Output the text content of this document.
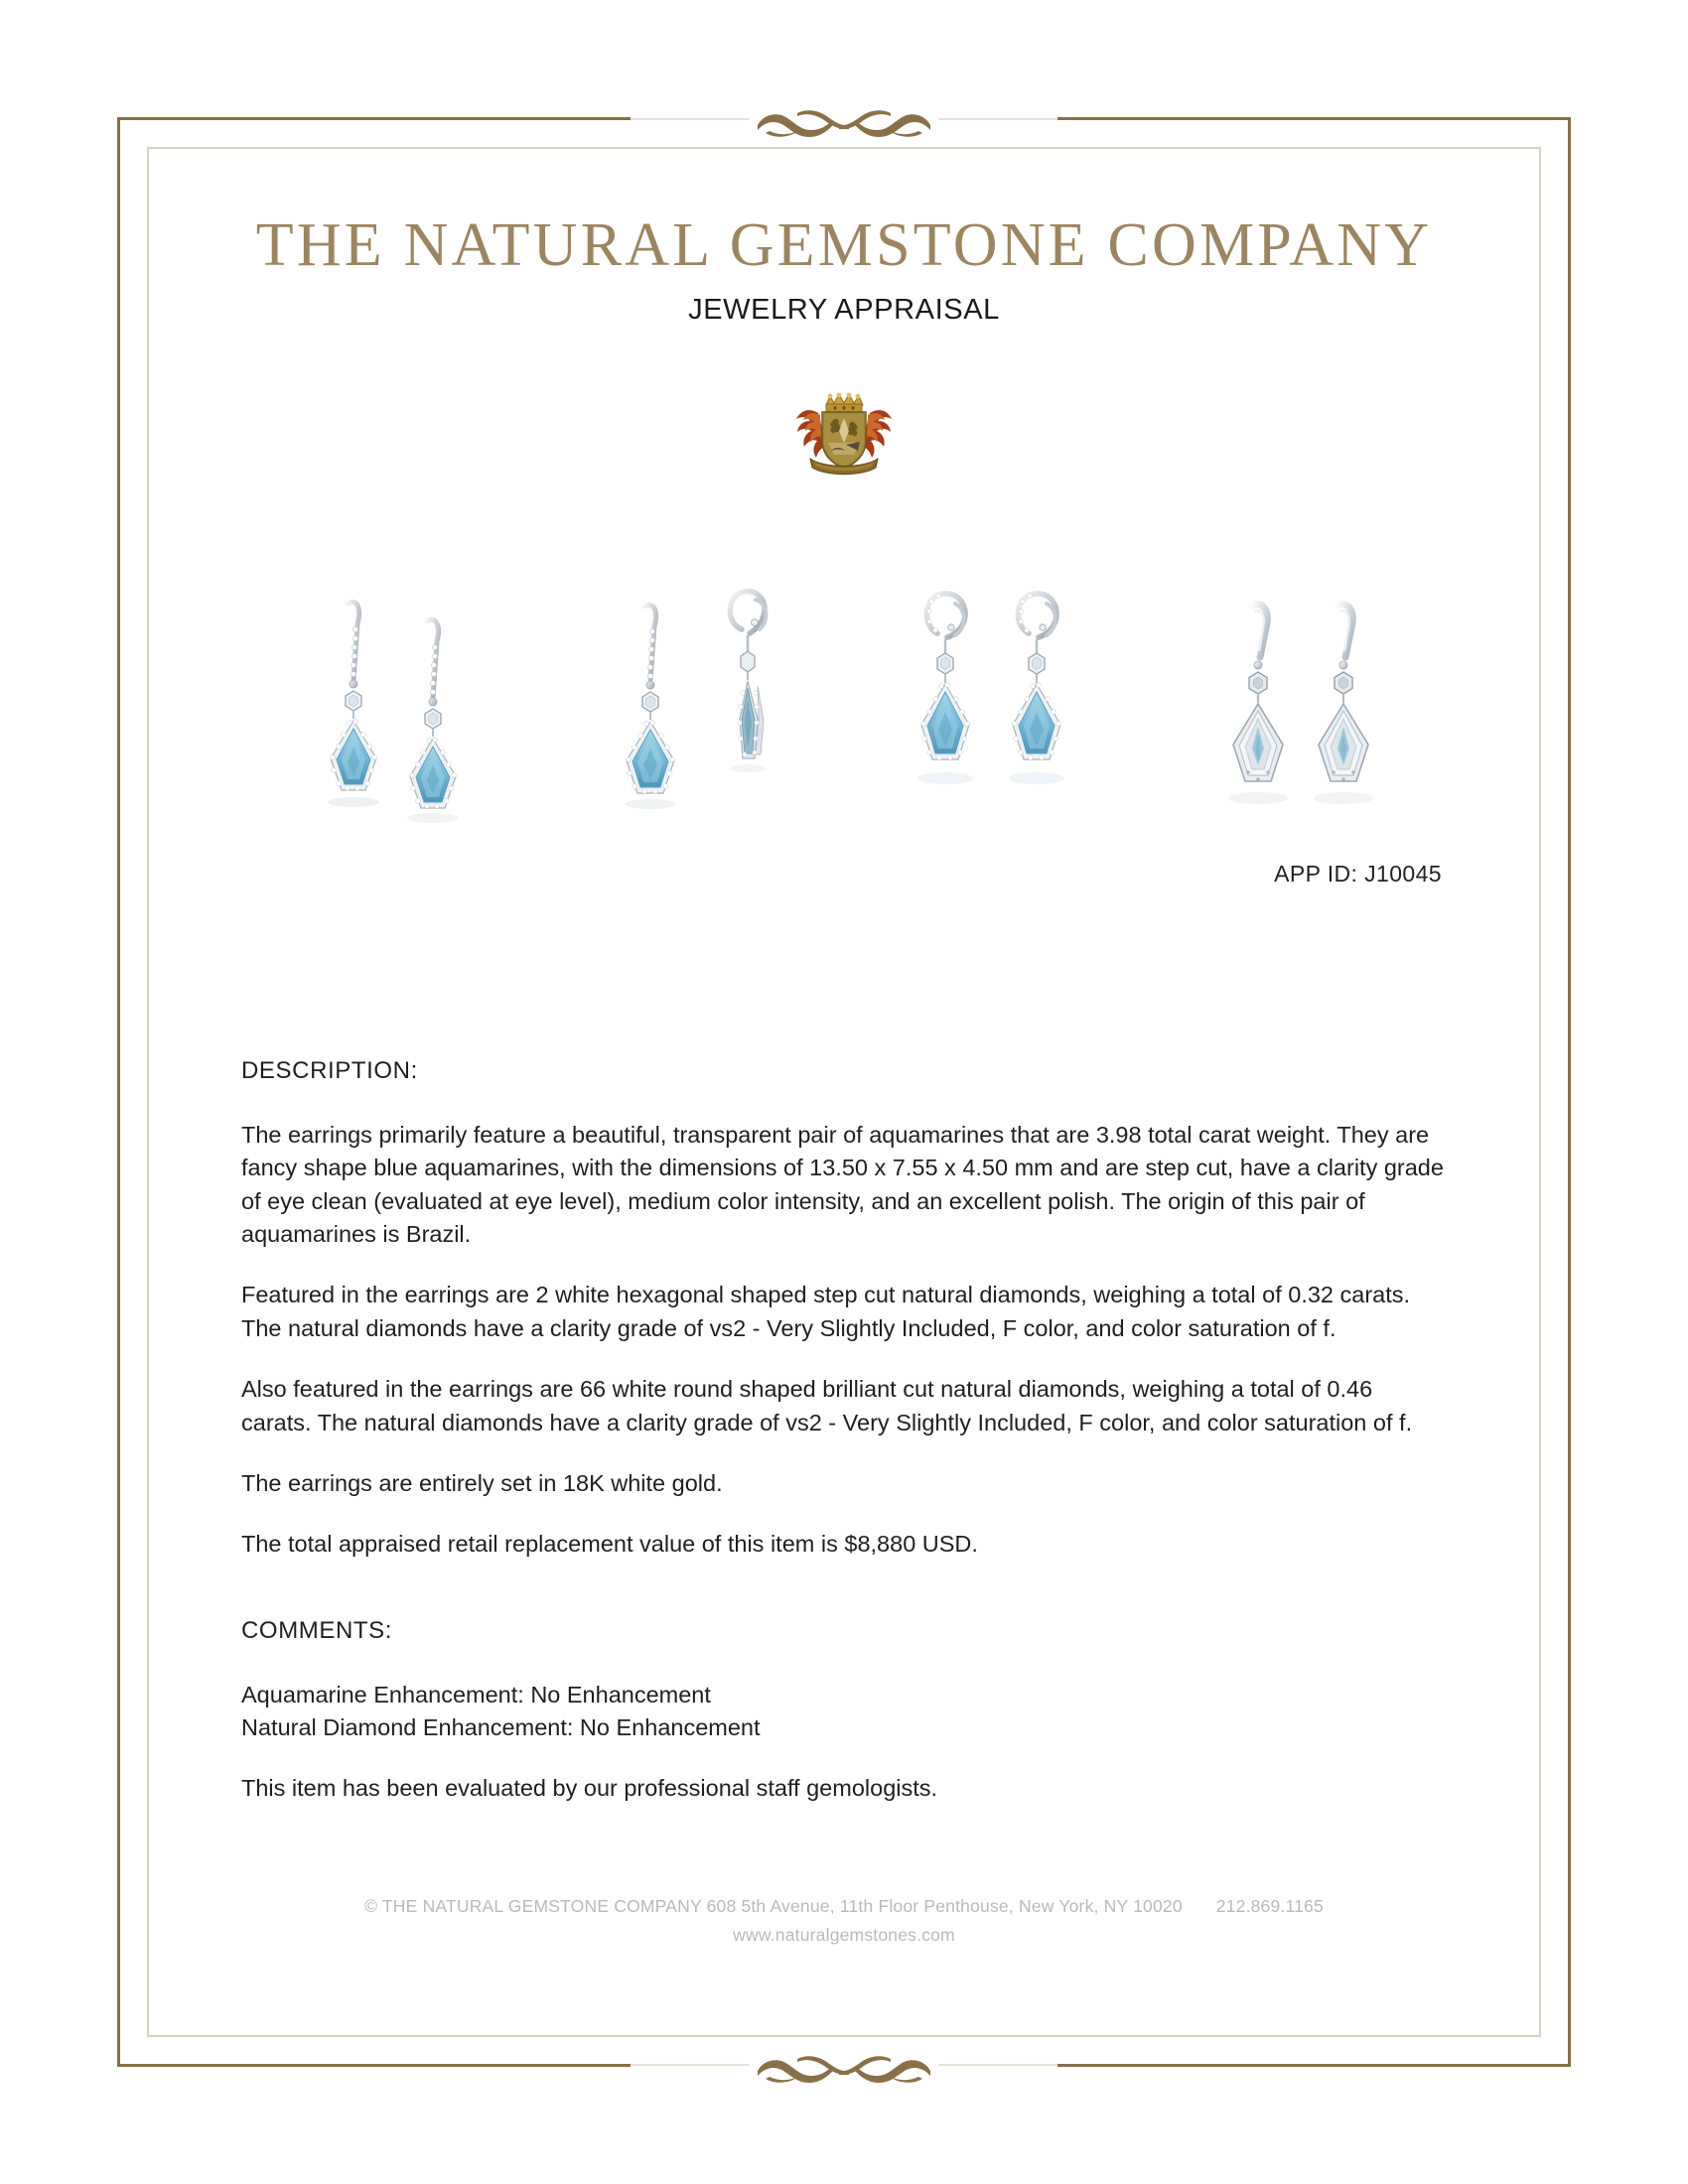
THE NATURAL GEMSTONE COMPANY
JEWELRY APPRAISAL
APP ID: J10045
DESCRIPTION:
The earrings primarily feature a beautiful, transparent pair of aquamarines that are 3.98 total carat weight. They are fancy shape blue aquamarines, with the dimensions of 13.50 x 7.55 x 4.50 mm and are step cut, have a clarity grade of eye clean (evaluated at eye level), medium color intensity, and an excellent polish. The origin of this pair of aquamarines is Brazil.
Featured in the earrings are 2 white hexagonal shaped step cut natural diamonds, weighing a total of 0.32 carats. The natural diamonds have a clarity grade of vs2 - Very Slightly Included, F color, and color saturation of f.
Also featured in the earrings are 66 white round shaped brilliant cut natural diamonds, weighing a total of 0.46 carats. The natural diamonds have a clarity grade of vs2 - Very Slightly Included, F color, and color saturation of f.
The earrings are entirely set in 18K white gold.
The total appraised retail replacement value of this item is $8,880 USD.
COMMENTS:
Aquamarine Enhancement: No Enhancement
Natural Diamond Enhancement: No Enhancement
This item has been evaluated by our professional staff gemologists.
© THE NATURAL GEMSTONE COMPANY 608 5th Avenue, 11th Floor Penthouse, New York, NY 10020 212.869.1165
www.naturalgemstones.com
